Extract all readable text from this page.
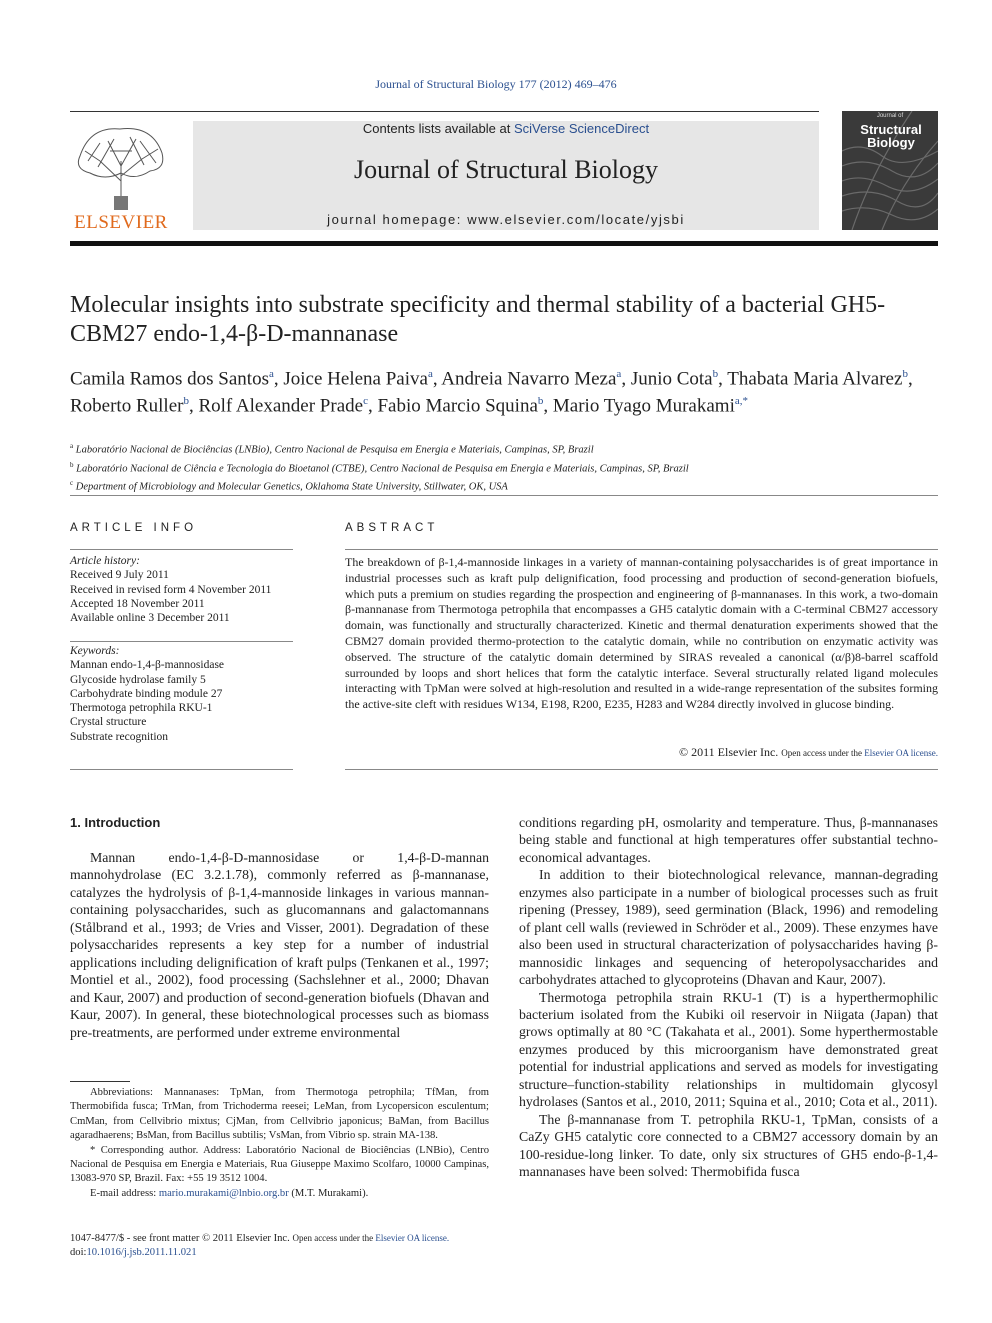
Journal of Structural Biology 177 (2012) 469–476
ELSEVIER
Contents lists available at SciVerse ScienceDirect
Journal of Structural Biology
journal homepage: www.elsevier.com/locate/yjsbi
Journal of
Structural Biology
Molecular insights into substrate specificity and thermal stability of a bacterial GH5-CBM27 endo-1,4-β-D-mannanase
Camila Ramos dos Santos$^a$, Joice Helena Paiva$^a$, Andreia Navarro Meza$^a$, Junio Cota$^b$, Thabata Maria Alvarez$^b$, Roberto Ruller$^b$, Rolf Alexander Prade$^c$, Fabio Marcio Squina$^b$, Mario Tyago Murakami$^{a,*}$
$^a$ Laboratório Nacional de Biociências (LNBio), Centro Nacional de Pesquisa em Energia e Materiais, Campinas, SP, Brazil
$^b$ Laboratório Nacional de Ciência e Tecnologia do Bioetanol (CTBE), Centro Nacional de Pesquisa em Energia e Materiais, Campinas, SP, Brazil
$^c$ Department of Microbiology and Molecular Genetics, Oklahoma State University, Stillwater, OK, USA
ARTICLE INFO
Article history:
Received 9 July 2011
Received in revised form 4 November 2011
Accepted 18 November 2011
Available online 3 December 2011
Keywords:
Mannan endo-1,4-β-mannosidase
Glycoside hydrolase family 5
Carbohydrate binding module 27
Thermotoga petrophila RKU-1
Crystal structure
Substrate recognition
ABSTRACT
The breakdown of β-1,4-mannoside linkages in a variety of mannan-containing polysaccharides is of great importance in industrial processes such as kraft pulp delignification, food processing and production of second-generation biofuels, which puts a premium on studies regarding the prospection and engineering of β-mannanases. In this work, a two-domain β-mannanase from Thermotoga petrophila that encompasses a GH5 catalytic domain with a C-terminal CBM27 accessory domain, was functionally and structurally characterized. Kinetic and thermal denaturation experiments showed that the CBM27 domain provided thermo-protection to the catalytic domain, while no contribution on enzymatic activity was observed. The structure of the catalytic domain determined by SIRAS revealed a canonical (α/β)8-barrel scaffold surrounded by loops and short helices that form the catalytic interface. Several structurally related ligand molecules interacting with TpMan were solved at high-resolution and resulted in a wide-range representation of the subsites forming the active-site cleft with residues W134, E198, R200, E235, H283 and W284 directly involved in glucose binding.
© 2011 Elsevier Inc. Open access under the Elsevier OA license.
1. Introduction

Mannan endo-1,4-β-D-mannosidase or 1,4-β-D-mannan mannohydrolase (EC 3.2.1.78), commonly referred as β-mannanase, catalyzes the hydrolysis of β-1,4-mannoside linkages in various mannan-containing polysaccharides, such as glucomannans and galactomannans (Stålbrand et al., 1993; de Vries and Visser, 2001). Degradation of these polysaccharides represents a key step for a number of industrial applications including delignification of kraft pulps (Tenkanen et al., 1997; Montiel et al., 2002), food processing (Sachslehner et al., 2000; Dhavan and Kaur, 2007) and production of second-generation biofuels (Dhavan and Kaur, 2007). In general, these biotechnological processes such as biomass pre-treatments, are performed under extreme environmental

conditions regarding pH, osmolarity and temperature. Thus, β-mannanases being stable and functional at high temperatures offer substantial techno-economical advantages.

In addition to their biotechnological relevance, mannan-degrading enzymes also participate in a number of biological processes such as fruit ripening (Pressey, 1989), seed germination (Black, 1996) and remodeling of plant cell walls (reviewed in Schröder et al., 2009). These enzymes have also been used in structural characterization of polysaccharides having β-mannosidic linkages and sequencing of heteropolysaccharides and carbohydrates attached to glycoproteins (Dhavan and Kaur, 2007).

Thermotoga petrophila strain RKU-1 (T) is a hyperthermophilic bacterium isolated from the Kubiki oil reservoir in Niigata (Japan) that grows optimally at 80 °C (Takahata et al., 2001). Some hyperthermostable enzymes produced by this microorganism have demonstrated great potential for industrial applications and served as models for investigating structure–function-stability relationships in multidomain glycosyl hydrolases (Santos et al., 2010, 2011; Squina et al., 2010; Cota et al., 2011).

The β-mannanase from T. petrophila RKU-1, TpMan, consists of a CaZy GH5 catalytic core connected to a CBM27 accessory domain by an 100-residue-long linker. To date, only six structures of GH5 endo-β-1,4-mannanases have been solved: Thermobifida fusca

Abbreviations: Mannanases: TpMan, from Thermotoga petrophila; TfMan, from Thermobifida fusca; TrMan, from Trichoderma reesei; LeMan, from Lycopersicon esculentum; CmMan, from Cellvibrio mixtus; CjMan, from Cellvibrio japonicus; BaMan, from Bacillus agaradhaerens; BsMan, from Bacillus subtilis; VsMan, from Vibrio sp. strain MA-138.

* Corresponding author. Address: Laboratório Nacional de Biociências (LNBio), Centro Nacional de Pesquisa em Energia e Materiais, Rua Giuseppe Maximo Scolfaro, 10000 Campinas, 13083-970 SP, Brazil. Fax: +55 19 3512 1004.

E-mail address: mario.murakami@lnbio.org.br (M.T. Murakami).

1047-8477/$ - see front matter © 2011 Elsevier Inc. Open access under the Elsevier OA license.
doi:10.1016/j.jsb.2011.11.021
